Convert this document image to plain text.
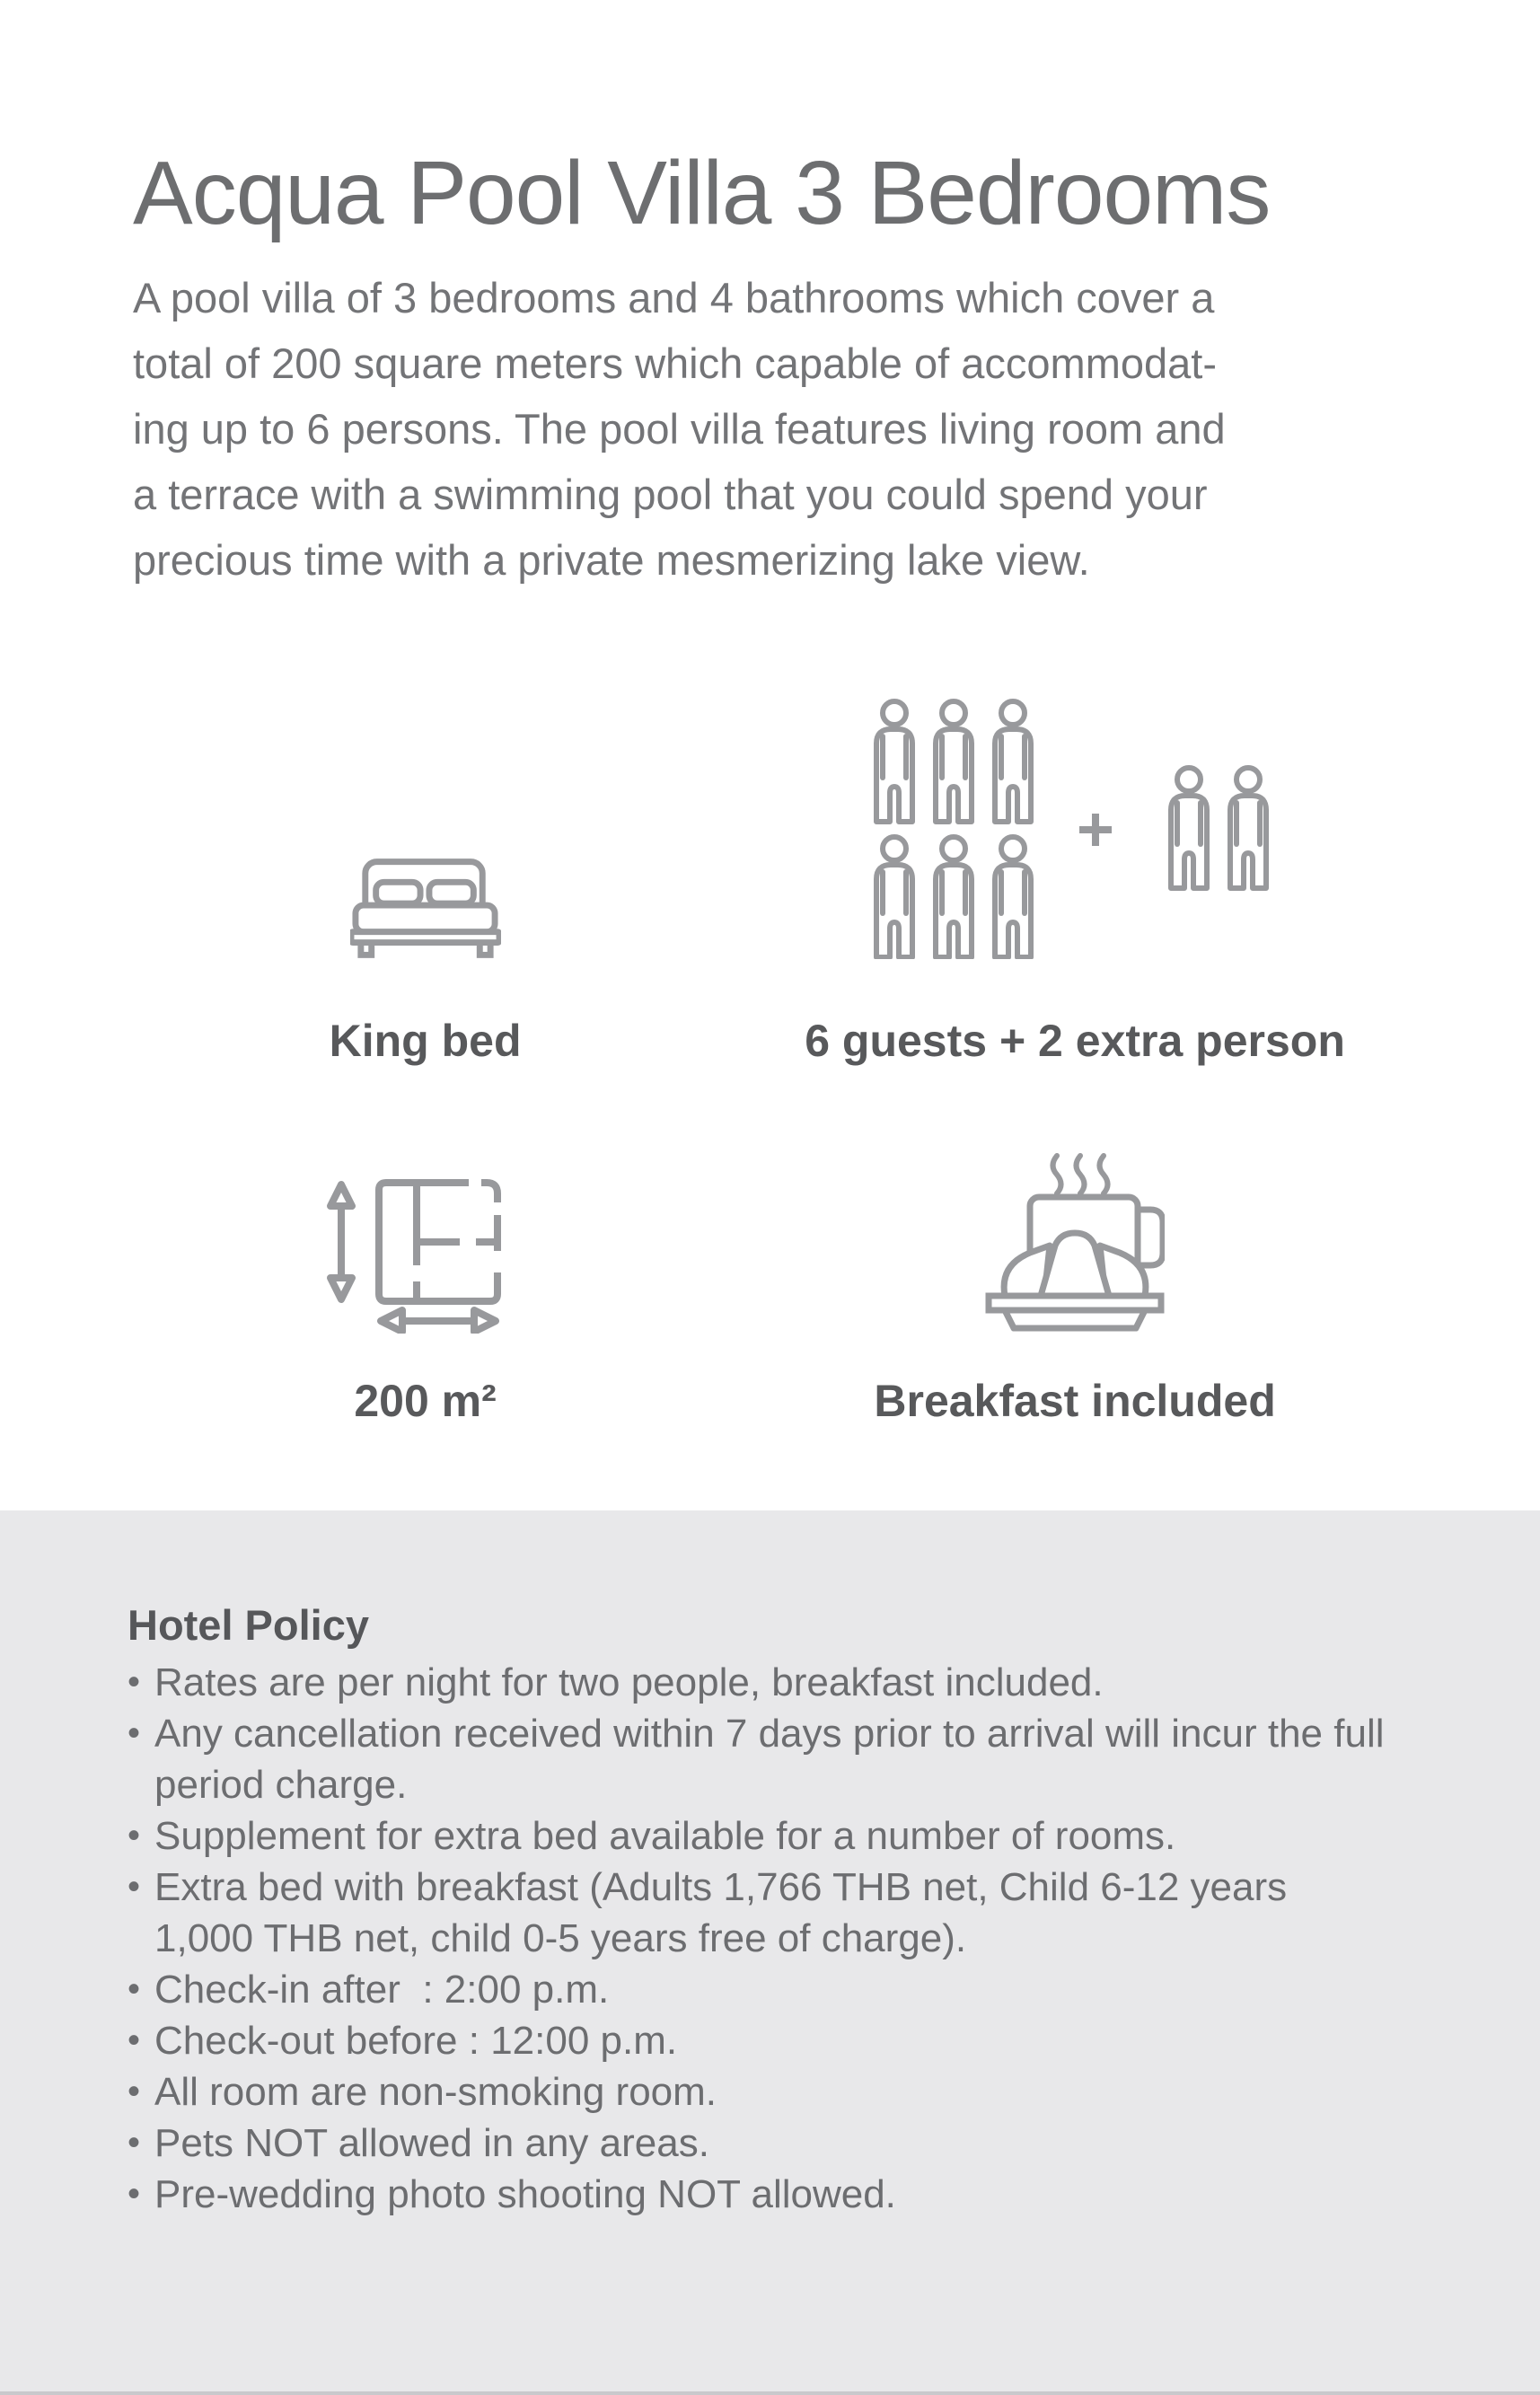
Acqua Pool Villa 3 Bedrooms
A pool villa of 3 bedrooms and 4 bathrooms which cover a
total of 200 square meters which capable of accommodat-
ing up to 6 persons. The pool villa features living room and
a terrace with a swimming pool that you could spend your
precious time with a private mesmerizing lake view.
King bed	6 guests + 2 extra person
200 m²	Breakfast included
Hotel Policy
• Rates are per night for two people, breakfast included.
• Any cancellation received within 7 days prior to arrival will incur the full
period charge.
• Supplement for extra bed available for a number of rooms.
• Extra bed with breakfast (Adults 1,766 THB net, Child 6-12 years
1,000 THB net, child 0-5 years free of charge).
• Check-in after  : 2:00 p.m.
• Check-out before : 12:00 p.m.
• All room are non-smoking room.
• Pets NOT allowed in any areas.
• Pre-wedding photo shooting NOT allowed.
